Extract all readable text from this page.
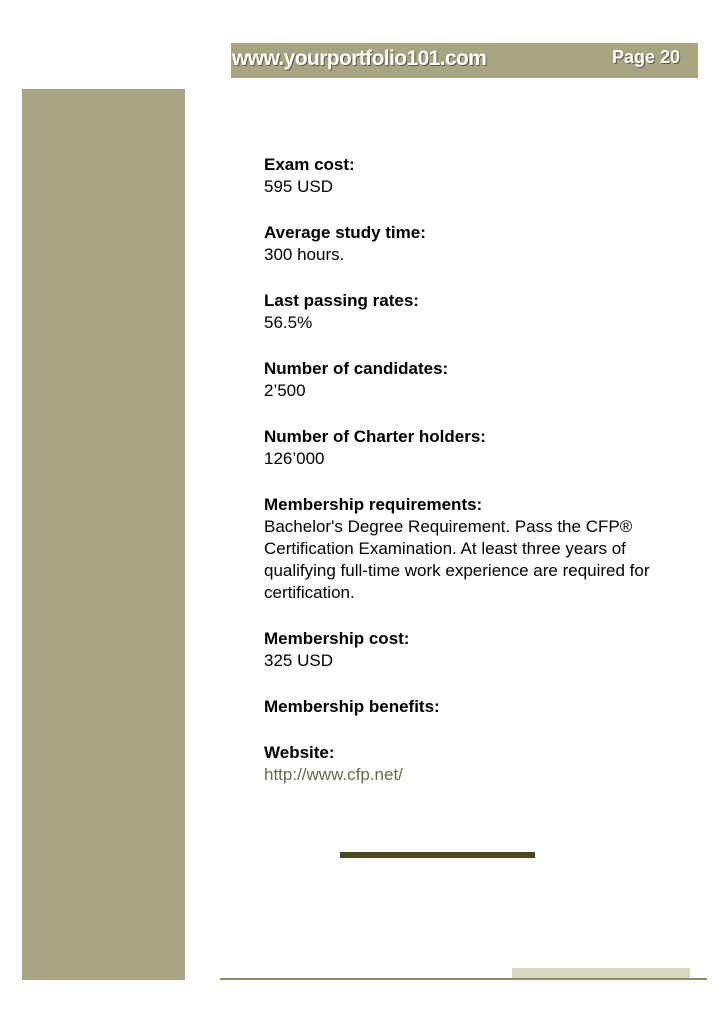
www.yourportfolio101.com	Page 20
Exam cost:
595 USD
Average study time:
300 hours.
Last passing rates:
56.5%
Number of candidates:
2’500
Number of Charter holders:
126’000
Membership requirements:
Bachelor's Degree Requirement. Pass the CFP® Certification Examination. At least three years of qualifying full-time work experience are required for certification.
Membership cost:
325 USD
Membership benefits:
Website:
http://www.cfp.net/
